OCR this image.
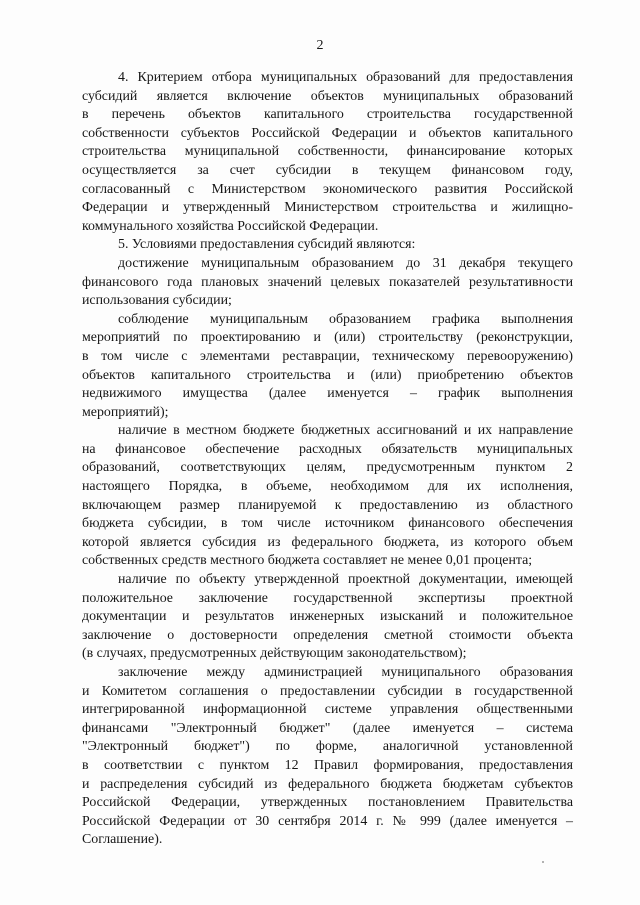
2

4. Критерием отбора муниципальных образований для предоставления
субсидий является включение объектов муниципальных образований
в перечень объектов капитального строительства государственной
собственности субъектов Российской Федерации и объектов капитального
строительства муниципальной собственности, финансирование которых
осуществляется за счет субсидии в текущем финансовом году,
согласованный с Министерством экономического развития Российской
Федерации и утвержденный Министерством строительства и жилищно-
коммунального хозяйства Российской Федерации.

5. Условиями предоставления субсидий являются:

достижение муниципальным образованием до 31 декабря текущего
финансового года плановых значений целевых показателей результативности
использования субсидии;

соблюдение муниципальным образованием графика выполнения
мероприятий по проектированию и (или) строительству (реконструкции,
в том числе с элементами реставрации, техническому перевооружению)
объектов капитального строительства и (или) приобретению объектов
недвижимого имущества (далее именуется – график выполнения
мероприятий);

наличие в местном бюджете бюджетных ассигнований и их направление
на финансовое обеспечение расходных обязательств муниципальных
образований, соответствующих целям, предусмотренным пунктом 2
настоящего Порядка, в объеме, необходимом для их исполнения,
включающем размер планируемой к предоставлению из областного
бюджета субсидии, в том числе источником финансового обеспечения
которой является субсидия из федерального бюджета, из которого объем
собственных средств местного бюджета составляет не менее 0,01 процента;

наличие по объекту утвержденной проектной документации, имеющей
положительное заключение государственной экспертизы проектной
документации и результатов инженерных изысканий и положительное
заключение о достоверности определения сметной стоимости объекта
(в случаях, предусмотренных действующим законодательством);

заключение между администрацией муниципального образования
и Комитетом соглашения о предоставлении субсидии в государственной
интегрированной информационной системе управления общественными
финансами "Электронный бюджет" (далее именуется – система
"Электронный бюджет") по форме, аналогичной установленной
в соответствии с пунктом 12 Правил формирования, предоставления
и распределения субсидий из федерального бюджета бюджетам субъектов
Российской Федерации, утвержденных постановлением Правительства
Российской Федерации от 30 сентября 2014 г. № 999 (далее именуется –
Соглашение).
